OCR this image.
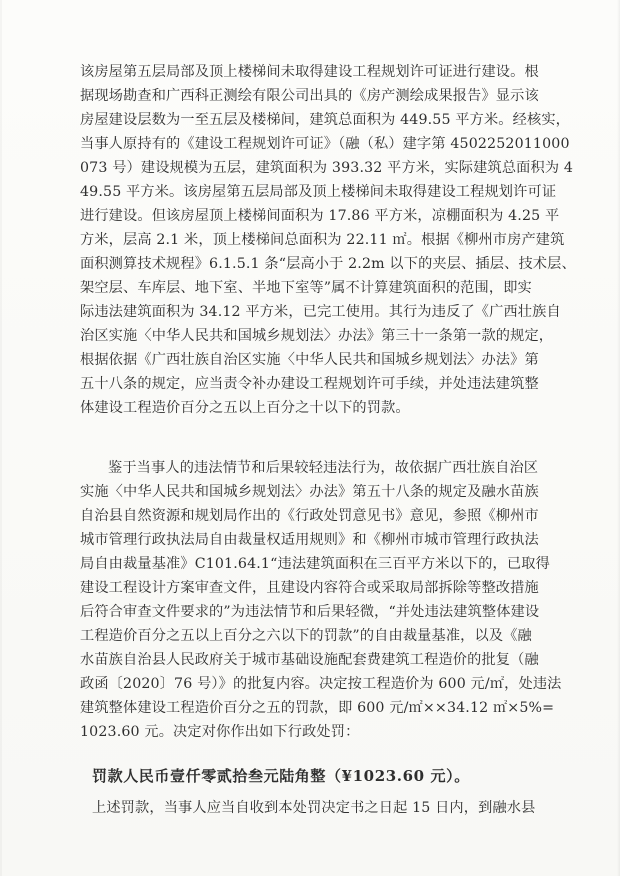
该房屋第五层局部及顶上楼梯间未取得建设工程规划许可证进行建设。根
据现场勘查和广西科正测绘有限公司出具的《房产测绘成果报告》显示该
房屋建设层数为一至五层及楼梯间，建筑总面积为 449.55 平方米。经核实，
当事人原持有的《建设工程规划许可证》（融（私）建字第 4502252011000
073 号）建设规模为五层，建筑面积为 393.32 平方米，实际建筑总面积为 4
49.55 平方米。该房屋第五层局部及顶上楼梯间未取得建设工程规划许可证
进行建设。但该房屋顶上楼梯间面积为 17.86 平方米，凉棚面积为 4.25 平
方米，层高 2.1 米，顶上楼梯间总面积为 22.11 ㎡。根据《柳州市房产建筑
面积测算技术规程》6.1.5.1 条“层高小于 2.2m 以下的夹层、插层、技术层、
架空层、车库层、地下室、半地下室等”属不计算建筑面积的范围，即实
际违法建筑面积为 34.12 平方米，已完工使用。其行为违反了《广西壮族自
治区实施〈中华人民共和国城乡规划法〉办法》第三十一条第一款的规定，
根据依据《广西壮族自治区实施〈中华人民共和国城乡规划法〉办法》第
五十八条的规定，应当责令补办建设工程规划许可手续，并处违法建筑整
体建设工程造价百分之五以上百分之十以下的罚款。
鉴于当事人的违法情节和后果较轻违法行为，故依据广西壮族自治区
实施〈中华人民共和国城乡规划法〉办法》第五十八条的规定及融水苗族
自治县自然资源和规划局作出的《行政处罚意见书》意见，参照《柳州市
城市管理行政执法局自由裁量权适用规则》和《柳州市城市管理行政执法
局自由裁量基准》C101.64.1“违法建筑面积在三百平方米以下的，已取得
建设工程设计方案审查文件，且建设内容符合或采取局部拆除等整改措施
后符合审查文件要求的”为违法情节和后果轻微，“并处违法建筑整体建设
工程造价百分之五以上百分之六以下的罚款”的自由裁量基准，以及《融
水苗族自治县人民政府关于城市基础设施配套费建筑工程造价的批复（融
政函〔2020〕76 号）》的批复内容。决定按工程造价为 600 元/㎡，处违法
建筑整体建设工程造价百分之五的罚款，即 600 元/㎡××34.12 ㎡×5%=
1023.60 元。决定对你作出如下行政处罚：
罚款人民币壹仟零贰拾叁元陆角整（¥1023.60 元）。
上述罚款，当事人应当自收到本处罚决定书之日起 15 日内，到融水县
